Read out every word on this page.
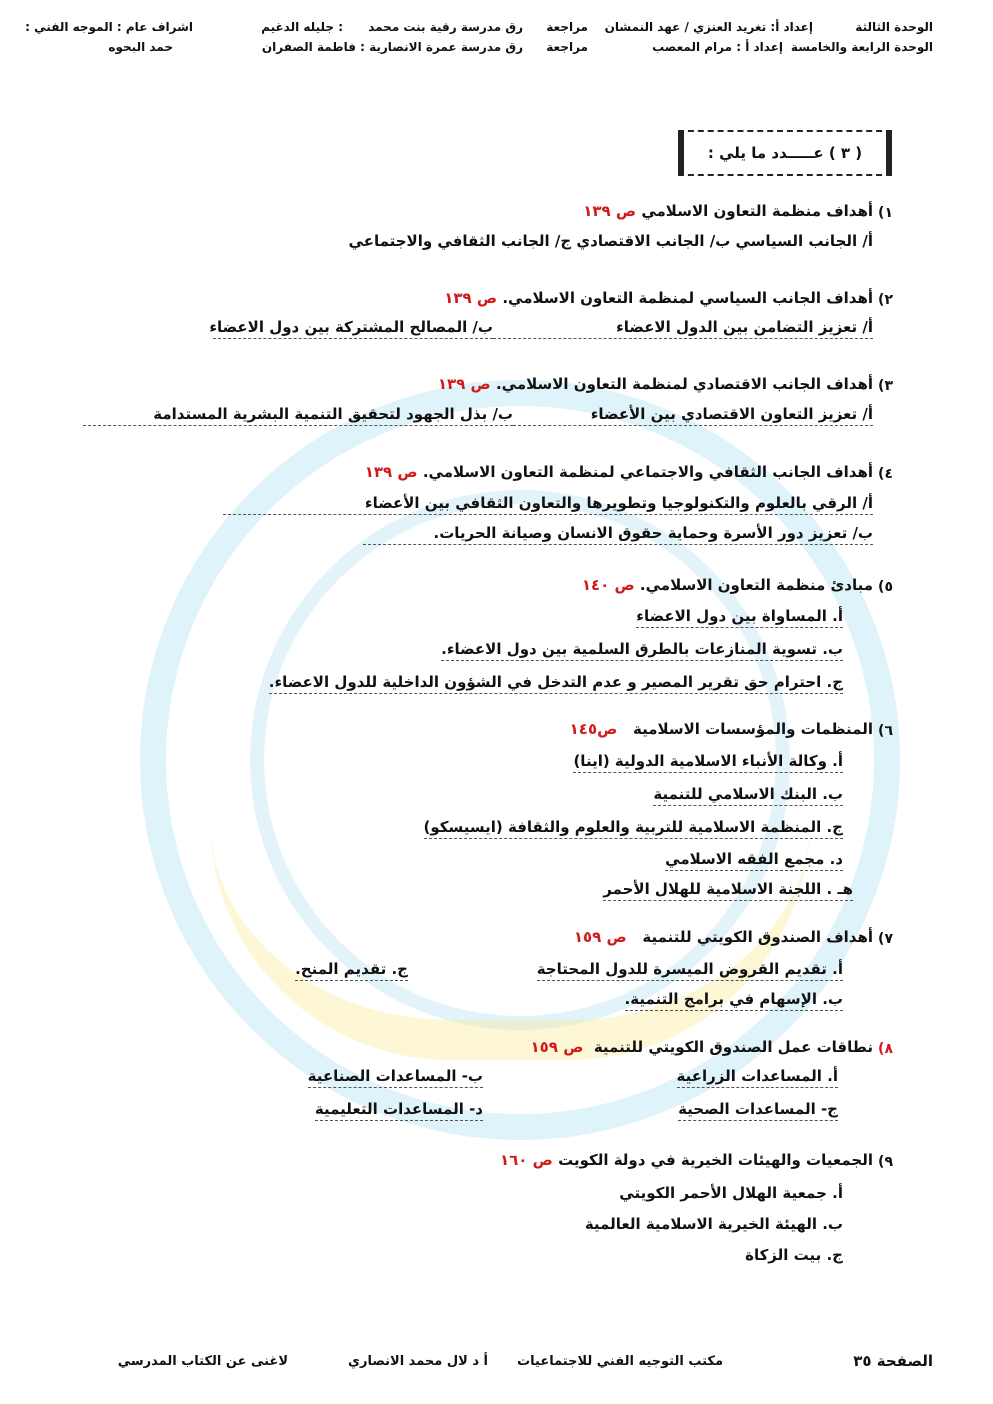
الوحدة الثالثة
إعداد أ: تغريد العنزي / عهد النمشان
مراجعة
رق مدرسة رقية بنت محمد
: جليله الدغيم
اشراف عام : الموجه الفني :
الوحدة الرابعة والخامسة
إعداد أ : مرام المعصب
مراجعة
رق مدرسة عمرة الانصارية : فاطمة الصفران
حمد البحوه
( ٣ ) عـــــدد ما يلي :
١)
أهداف منظمة التعاون الاسلامي ص ١٣٩
أ/ الجانب السياسي ب/ الجانب الاقتصادي ج/ الجانب الثقافي والاجتماعي
٢)
أهداف الجانب السياسي لمنظمة التعاون الاسلامي. ص ١٣٩
أ/ تعزيز التضامن بين الدول الاعضاء
ب/ المصالح المشتركة بين دول الاعضاء
٣)
أهداف الجانب الاقتصادي لمنظمة التعاون الاسلامي. ص ١٣٩
أ/ تعزيز التعاون الاقتصادي بين الأعضاء
ب/ بذل الجهود لتحقيق التنمية البشرية المستدامة
٤)
أهداف الجانب الثقافي والاجتماعي لمنظمة التعاون الاسلامي. ص ١٣٩
أ/ الرقي بالعلوم والتكنولوجيا وتطويرها والتعاون الثقافي بين الأعضاء
ب/ تعزيز دور الأسرة وحماية حقوق الانسان وصيانة الحريات.
٥)
مبادئ منظمة التعاون الاسلامي. ص ١٤٠
أ. المساواة بين دول الاعضاء
ب. تسوية المنازعات بالطرق السلمية بين دول الاعضاء.
ج. احترام حق تقرير المصير و عدم التدخل في الشؤون الداخلية للدول الاعضاء.
٦)
المنظمات والمؤسسات الاسلامية   ص١٤٥
أ. وكالة الأنباء الاسلامية الدولية (اينا)
ب. البنك الاسلامي للتنمية
ج. المنظمة الاسلامية للتربية والعلوم والثقافة (ايسيسكو)
د. مجمع الفقه الاسلامي
هـ . اللجنة الاسلامية للهلال الأحمر
٧)
أهداف الصندوق الكويتي للتنمية   ص ١٥٩
أ. تقديم القروض الميسرة للدول المحتاجة
ج. تقديم المنح.
ب. الإسهام في برامج التنمية.
٨)
نطاقات عمل الصندوق الكويتي للتنمية  ص ١٥٩
أ. المساعدات الزراعية
ب- المساعدات الصناعية
ج- المساعدات الصحية
د- المساعدات التعليمية
٩)
الجمعيات والهيئات الخيرية في دولة الكويت ص ١٦٠
أ. جمعية الهلال الأحمر الكويتي
ب. الهيئة الخيرية الاسلامية العالمية
ج. بيت الزكاة
الصفحة ٣٥
مكتب التوجيه الفني للاجتماعيات
أ د لال محمد الانصاري
لاغنى عن الكتاب المدرسي
